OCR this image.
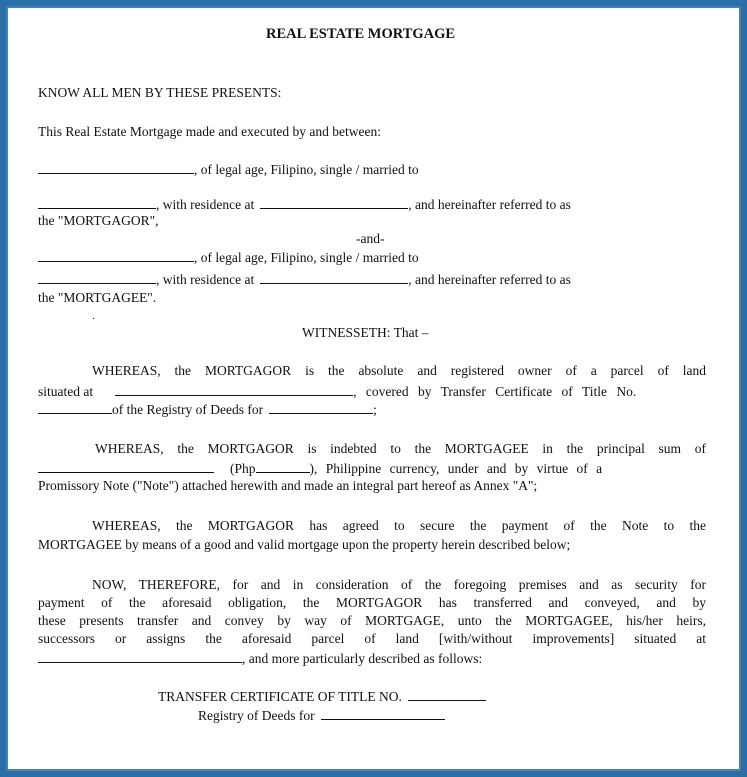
REAL ESTATE MORTGAGE
KNOW ALL MEN BY THESE PRESENTS:
This Real Estate Mortgage made and executed by and between:
, of legal age, Filipino, single / married to
, with residence at	, and hereinafter referred to as
the "MORTGAGOR",
-and-
, of legal age, Filipino, single / married to
, with residence at	, and hereinafter referred to as
the "MORTGAGEE".
·
WITNESSETH: That –
WHEREAS, the MORTGAGOR is the absolute and registered owner of a parcel of land
situated at	, covered by Transfer Certificate of Title No.
of the Registry of Deeds for	;
WHEREAS, the MORTGAGOR is indebted to the MORTGAGEE in the principal sum of
(Php	), Philippine currency, under and by virtue of a
Promissory Note ("Note") attached herewith and made an integral part hereof as Annex "A";
WHEREAS, the MORTGAGOR has agreed to secure the payment of the Note to the
MORTGAGEE by means of a good and valid mortgage upon the property herein described below;
NOW, THEREFORE, for and in consideration of the foregoing premises and as security for
payment of the aforesaid obligation, the MORTGAGOR has transferred and conveyed, and by
these presents transfer and convey by way of MORTGAGE, unto the MORTGAGEE, his/her heirs,
successors or assigns the aforesaid parcel of land [with/without improvements] situated at
, and more particularly described as follows:
TRANSFER CERTIFICATE OF TITLE NO.
Registry of Deeds for
